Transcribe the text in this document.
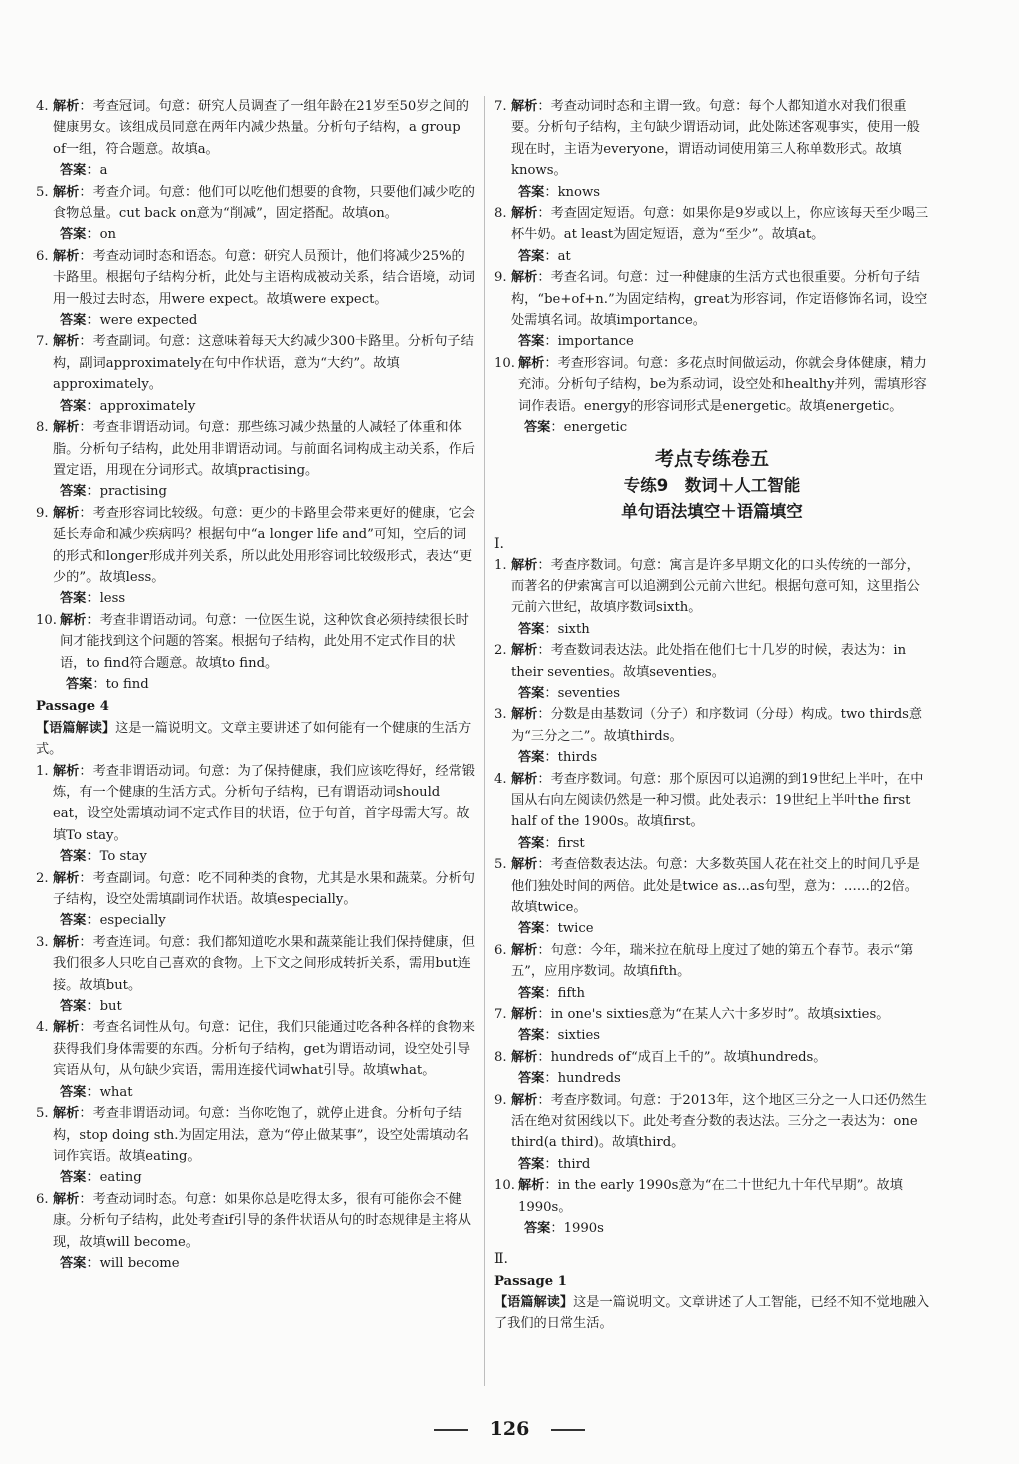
4. 解析：考查冠词。句意：研究人员调查了一组年龄在21岁至50岁之间的健康男女。该组成员同意在两年内减少热量。分析句子结构，a group of一组，符合题意。故填a。
答案：a
5. 解析：考查介词。句意：他们可以吃他们想要的食物，只要他们减少吃的食物总量。cut back on意为“削减”，固定搭配。故填on。
答案：on
6. 解析：考查动词时态和语态。句意：研究人员预计，他们将减少25%的卡路里。根据句子结构分析，此处与主语构成被动关系，结合语境，动词用一般过去时态，用were expect。故填were expect。
答案：were expected
7. 解析：考查副词。句意：这意味着每天大约减少300卡路里。分析句子结构，副词approximately在句中作状语，意为“大约”。故填approximately。
答案：approximately
8. 解析：考查非谓语动词。句意：那些练习减少热量的人减轻了体重和体脂。分析句子结构，此处用非谓语动词。与前面名词构成主动关系，作后置定语，用现在分词形式。故填practising。
答案：practising
9. 解析：考查形容词比较级。句意：更少的卡路里会带来更好的健康，它会延长寿命和减少疾病吗？根据句中“a longer life and”可知，空后的词的形式和longer形成并列关系，所以此处用形容词比较级形式，表达“更少的”。故填less。
答案：less
10. 解析：考查非谓语动词。句意：一位医生说，这种饮食必须持续很长时间才能找到这个问题的答案。根据句子结构，此处用不定式作目的状语，to find符合题意。故填to find。
答案：to find
Passage 4
【语篇解读】这是一篇说明文。文章主要讲述了如何能有一个健康的生活方式。
1. 解析：考查非谓语动词。句意：为了保持健康，我们应该吃得好，经常锻炼，有一个健康的生活方式。分析句子结构，已有谓语动词should eat，设空处需填动词不定式作目的状语，位于句首，首字母需大写。故填To stay。
答案：To stay
2. 解析：考查副词。句意：吃不同种类的食物，尤其是水果和蔬菜。分析句子结构，设空处需填副词作状语。故填especially。
答案：especially
3. 解析：考查连词。句意：我们都知道吃水果和蔬菜能让我们保持健康，但我们很多人只吃自己喜欢的食物。上下文之间形成转折关系，需用but连接。故填but。
答案：but
4. 解析：考查名词性从句。句意：记住，我们只能通过吃各种各样的食物来获得我们身体需要的东西。分析句子结构，get为谓语动词，设空处引导宾语从句，从句缺少宾语，需用连接代词what引导。故填what。
答案：what
5. 解析：考查非谓语动词。句意：当你吃饱了，就停止进食。分析句子结构，stop doing sth.为固定用法，意为“停止做某事”，设空处需填动名词作宾语。故填eating。
答案：eating
6. 解析：考查动词时态。句意：如果你总是吃得太多，很有可能你会不健康。分析句子结构，此处考查if引导的条件状语从句的时态规律是主将从现，故填will become。
答案：will become
7. 解析：考查动词时态和主谓一致。句意：每个人都知道水对我们很重要。分析句子结构，主句缺少谓语动词，此处陈述客观事实，使用一般现在时，主语为everyone，谓语动词使用第三人称单数形式。故填knows。
答案：knows
8. 解析：考查固定短语。句意：如果你是9岁或以上，你应该每天至少喝三杯牛奶。at least为固定短语，意为“至少”。故填at。
答案：at
9. 解析：考查名词。句意：过一种健康的生活方式也很重要。分析句子结构，“be+of+n.”为固定结构，great为形容词，作定语修饰名词，设空处需填名词。故填importance。
答案：importance
10. 解析：考查形容词。句意：多花点时间做运动，你就会身体健康，精力充沛。分析句子结构，be为系动词，设空处和healthy并列，需填形容词作表语。energy的形容词形式是energetic。故填energetic。
答案：energetic
考点专练卷五
专练9　数词＋人工智能
单句语法填空＋语篇填空
Ⅰ.
1. 解析：考查序数词。句意：寓言是许多早期文化的口头传统的一部分，而著名的伊索寓言可以追溯到公元前六世纪。根据句意可知，这里指公元前六世纪，故填序数词sixth。
答案：sixth
2. 解析：考查数词表达法。此处指在他们七十几岁的时候，表达为：in their seventies。故填seventies。
答案：seventies
3. 解析：分数是由基数词（分子）和序数词（分母）构成。two thirds意为“三分之二”。故填thirds。
答案：thirds
4. 解析：考查序数词。句意：那个原因可以追溯的到19世纪上半叶，在中国从右向左阅读仍然是一种习惯。此处表示：19世纪上半叶the first half of the 1900s。故填first。
答案：first
5. 解析：考查倍数表达法。句意：大多数英国人花在社交上的时间几乎是他们独处时间的两倍。此处是twice as...as句型，意为：……的2倍。故填twice。
答案：twice
6. 解析：句意：今年，瑞米拉在航母上度过了她的第五个春节。表示“第五”，应用序数词。故填fifth。
答案：fifth
7. 解析：in one's sixties意为“在某人六十多岁时”。故填sixties。
答案：sixties
8. 解析：hundreds of“成百上千的”。故填hundreds。
答案：hundreds
9. 解析：考查序数词。句意：于2013年，这个地区三分之一人口还仍然生活在绝对贫困线以下。此处考查分数的表达法。三分之一表达为：one third(a third)。故填third。
答案：third
10. 解析：in the early 1990s意为“在二十世纪九十年代早期”。故填1990s。
答案：1990s
Ⅱ.
Passage 1
【语篇解读】这是一篇说明文。文章讲述了人工智能，已经不知不觉地融入了我们的日常生活。
126
